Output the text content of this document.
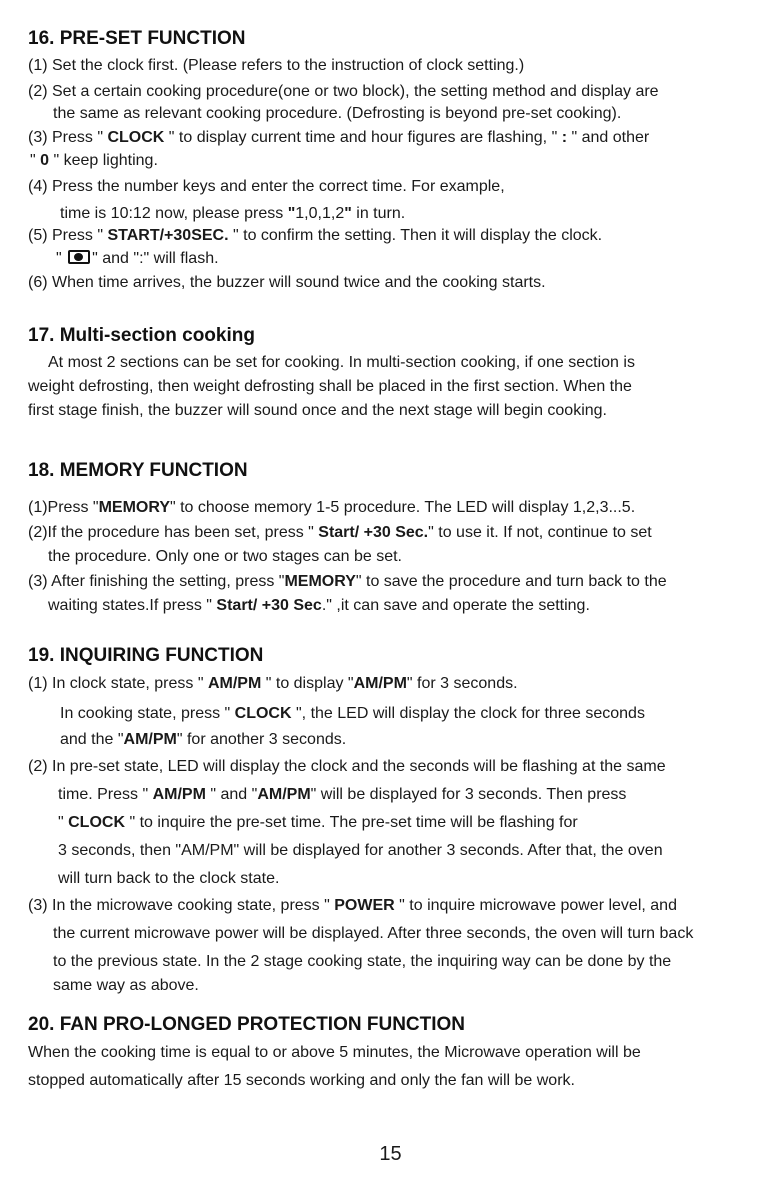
16. PRE-SET FUNCTION

(1) Set the clock first. (Please refers to the instruction of clock setting.)

(2) Set a certain cooking procedure(one or two block), the setting method and display are

the same as relevant cooking procedure. (Defrosting is beyond pre-set cooking).

(3) Press " CLOCK " to display current time and hour figures are flashing, " : " and other

" 0 " keep lighting.

(4) Press the number keys and enter the correct time. For example,

time is 10:12 now, please press "1,0,1,2" in turn.

(5) Press " START/+30SEC. " to confirm the setting. Then it will display the clock.

" " and ":" will flash.

(6) When time arrives, the buzzer will sound twice and the cooking starts.

17. Multi-section cooking

At most 2 sections can be set for cooking. In multi-section cooking, if one section is

weight defrosting, then weight defrosting shall be placed in the first section. When the

first stage finish, the buzzer will sound once and the next stage will begin cooking.

18. MEMORY FUNCTION

(1)Press "MEMORY" to choose memory 1-5 procedure. The LED will display 1,2,3...5.

(2)If the procedure has been set, press " Start/ +30 Sec." to use it. If not, continue to set

the procedure. Only one or two stages can be set.

(3) After finishing the setting, press "MEMORY" to save the procedure and turn back to the

waiting states.If press " Start/ +30 Sec." ,it can save and operate the setting.

19. INQUIRING FUNCTION

(1) In clock state, press " AM/PM " to display "AM/PM" for 3 seconds.

In cooking state, press " CLOCK ", the LED will display the clock for three seconds

and the "AM/PM" for another 3 seconds.

(2) In pre-set state, LED will display the clock and the seconds will be flashing at the same

time. Press " AM/PM " and "AM/PM" will be displayed for 3 seconds. Then press

" CLOCK " to inquire the pre-set time. The pre-set time will be flashing for

3 seconds, then "AM/PM" will be displayed for another 3 seconds. After that, the oven

will turn back to the clock state.

(3) In the microwave cooking state, press " POWER " to inquire microwave power level, and

the current microwave power will be displayed. After three seconds, the oven will turn back

to the previous state. In the 2 stage cooking state, the inquiring way can be done by the

same way as above.

20. FAN PRO-LONGED PROTECTION FUNCTION

When the cooking time is equal to or above 5 minutes, the Microwave operation will be

stopped automatically after 15 seconds working and only the fan will be work.

15
